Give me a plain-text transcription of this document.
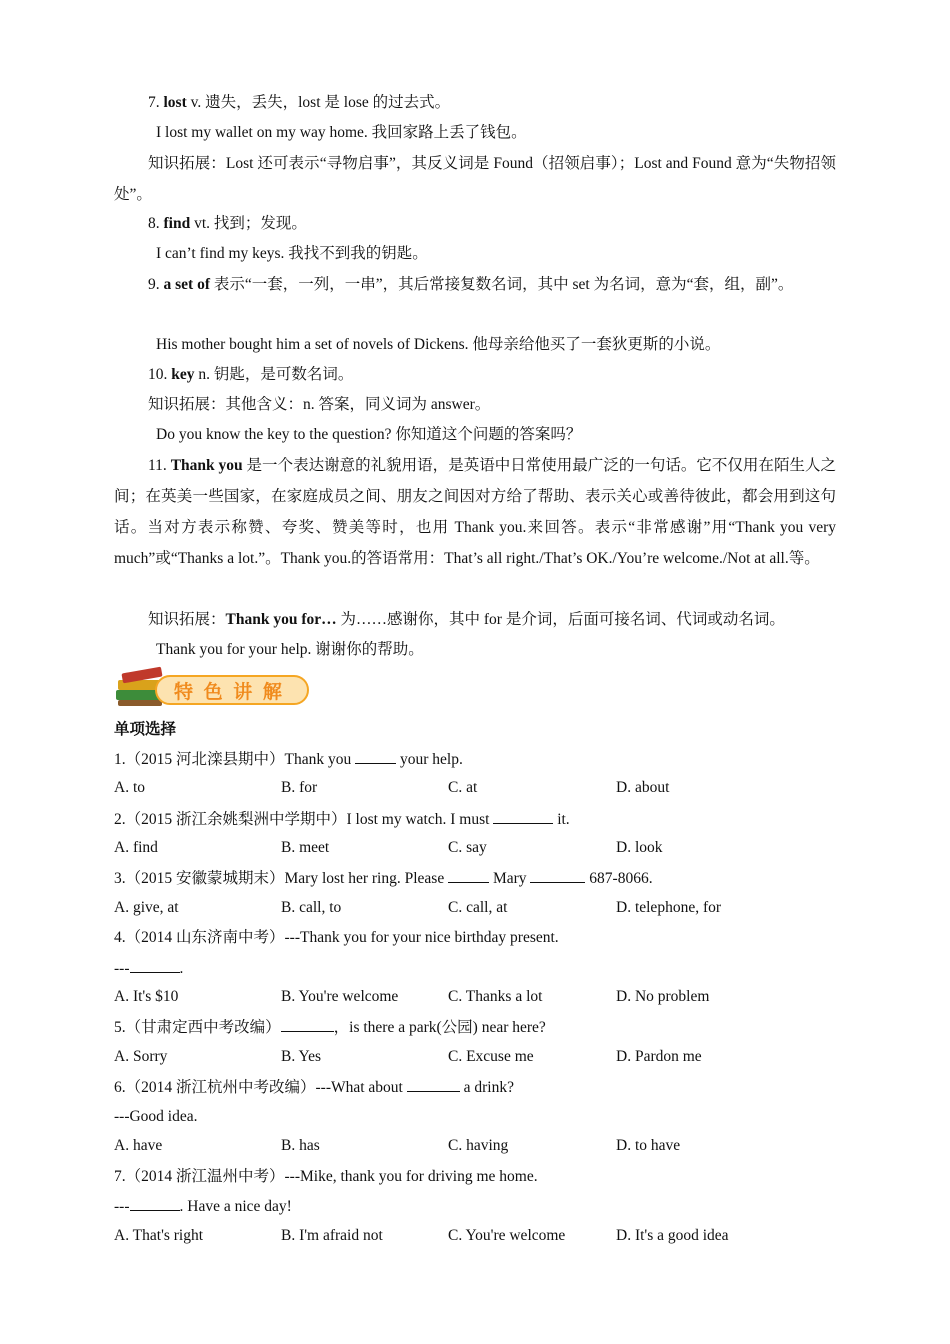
7. lost v. 遗失，丢失，lost 是 lose 的过去式。
I lost my wallet on my way home. 我回家路上丢了钱包。
知识拓展：Lost 还可表示“寻物启事”，其反义词是 Found（招领启事）；Lost and Found 意为“失物招领处”。
8. find vt. 找到；发现。
I can’t find my keys. 我找不到我的钥匙。
9. a set of 表示“一套，一列，一串”，其后常接复数名词，其中 set 为名词，意为“套，组，副”。
His mother bought him a set of novels of Dickens. 他母亲给他买了一套狄更斯的小说。
10. key n. 钥匙，是可数名词。
知识拓展：其他含义：n. 答案，同义词为 answer。
Do you know the key to the question? 你知道这个问题的答案吗？
11. Thank you 是一个表达谢意的礼貌用语，是英语中日常使用最广泛的一句话。它不仅用在陌生人之间；在英美一些国家，在家庭成员之间、朋友之间因对方给了帮助、表示关心或善待彼此，都会用到这句话。当对方表示称赞、夸奖、赞美等时，也用 Thank you.来回答。表示“非常感谢”用“Thank you very much”或“Thanks a lot.”。Thank you.的答语常用：That’s all right./That’s OK./You’re welcome./Not at all.等。
知识拓展：Thank you for… 为……感谢你，其中 for 是介词，后面可接名词、代词或动名词。
Thank you for your help. 谢谢你的帮助。
特 色 讲 解
单项选择
1.（2015 河北滦县期中）Thank you	your help.
A. to	B. for	C. at	D. about
2.（2015 浙江余姚梨洲中学期中）I lost my watch. I must	it.
A. find	B. meet	C. say	D. look
3.（2015 安徽蒙城期末）Mary lost her ring. Please	Mary	687-8066.
A. give, at	B. call, to	C. call, at	D. telephone, for
4.（2014 山东济南中考）---Thank you for your nice birthday present.
---	.
A. It's $10	B. You're welcome	C. Thanks a lot	D. No problem
5.（甘肃定西中考改编）	，is there a park(公园) near here?
A. Sorry	B. Yes	C. Excuse me	D. Pardon me
6.（2014 浙江杭州中考改编）---What about	a drink?
---Good idea.
A. have	B. has	C. having	D. to have
7.（2014 浙江温州中考）---Mike, thank you for driving me home.
---	. Have a nice day!
A. That's right	B. I'm afraid not	C. You're welcome	D. It's a good idea
